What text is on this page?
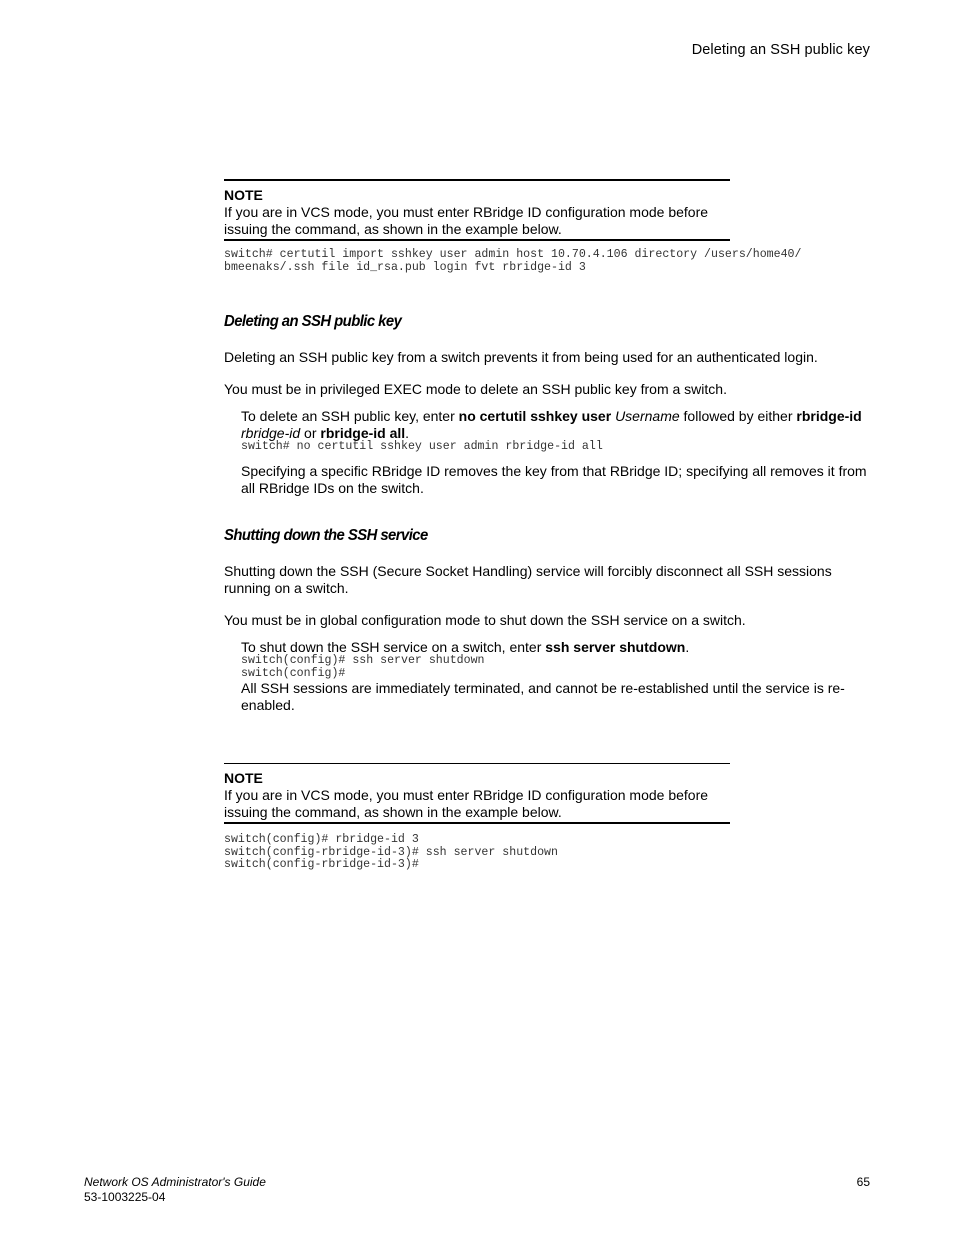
Deleting an SSH public key
NOTE
If you are in VCS mode, you must enter RBridge ID configuration mode before issuing the command, as shown in the example below.
switch# certutil import sshkey user admin host 10.70.4.106 directory /users/home40/
bmeenaks/.ssh file id_rsa.pub login fvt rbridge-id 3
Deleting an SSH public key
Deleting an SSH public key from a switch prevents it from being used for an authenticated login.
You must be in privileged EXEC mode to delete an SSH public key from a switch.
To delete an SSH public key, enter no certutil sshkey user Username followed by either rbridge-id rbridge-id or rbridge-id all.
switch# no certutil sshkey user admin rbridge-id all
Specifying a specific RBridge ID removes the key from that RBridge ID; specifying all removes it from all RBridge IDs on the switch.
Shutting down the SSH service
Shutting down the SSH (Secure Socket Handling) service will forcibly disconnect all SSH sessions running on a switch.
You must be in global configuration mode to shut down the SSH service on a switch.
To shut down the SSH service on a switch, enter ssh server shutdown.
switch(config)# ssh server shutdown
switch(config)#
All SSH sessions are immediately terminated, and cannot be re-established until the service is re-enabled.
NOTE
If you are in VCS mode, you must enter RBridge ID configuration mode before issuing the command, as shown in the example below.
switch(config)# rbridge-id 3
switch(config-rbridge-id-3)# ssh server shutdown
switch(config-rbridge-id-3)#
Network OS Administrator's Guide
53-1003225-04
65
